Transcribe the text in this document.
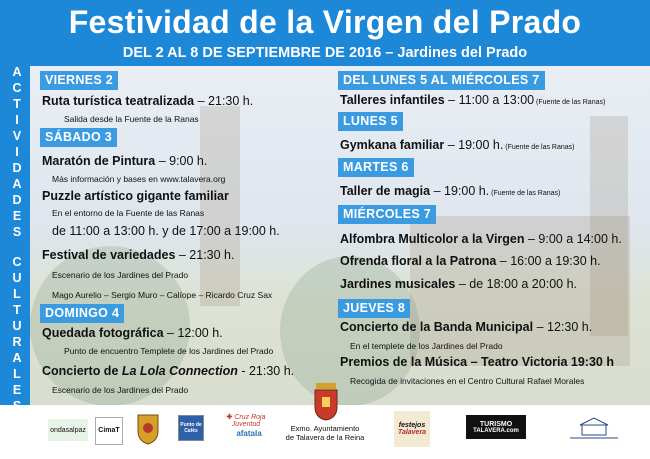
Festividad de la Virgen del Prado
DEL 2 AL 8 DE SEPTIEMBRE DE 2016 – Jardines del Prado
A
C
T
I
V
I
D
A
D
E
S
C
U
L
T
U
R
A
L
E
VIERNES 2
Ruta turística teatralizada – 21:30 h.
Salida desde la Fuente de la Ranas
SÁBADO 3
Maratón de Pintura – 9:00 h.
Más información y bases en www.talavera.org
Puzzle artístico gigante familiar
En el entorno de la Fuente de las Ranas
de 11:00 a 13:00 h. y de 17:00 a 19:00 h.
Festival de variedades – 21:30 h.
Escenario de los Jardines del Prado
Mago Aurelio – Sergio Muro – Calíope – Ricardo Cruz Sax
DOMINGO 4
Quedada fotográfica – 12:00 h.
Punto de encuentro Templete de los Jardines del Prado
Concierto de La Lola Connection - 21:30 h.
Escenario de los Jardines del Prado
DEL LUNES 5 AL MIÉRCOLES 7
Talleres infantiles – 11:00 a 13:00 (Fuente de las Ranas)
LUNES 5
Gymkana familiar – 19:00 h. (Fuente de las Ranas)
MARTES 6
Taller de magia – 19:00 h. (Fuente de las Ranas)
MIÉRCOLES 7
Alfombra Multicolor a la Virgen – 9:00 a 14:00 h.
Ofrenda floral a la Patrona – 16:00 a 19:30 h.
Jardines musicales – de 18:00 a 20:00 h.
JUEVES 8
Concierto de la Banda Municipal – 12:30 h.
En el templete de los Jardines del Prado
Premios de la Música – Teatro Victoria 19:30 h
Recogida de invitaciones en el Centro Cultural Rafael Morales
ondasalpaz	CimaT
Punto de Cafés
✚ Cruz Roja Juventud
afatala
Exmo. Ayuntamiento
de Talavera de la Reina
festejos
Talavera
TURISMO
TALAVERA.com
